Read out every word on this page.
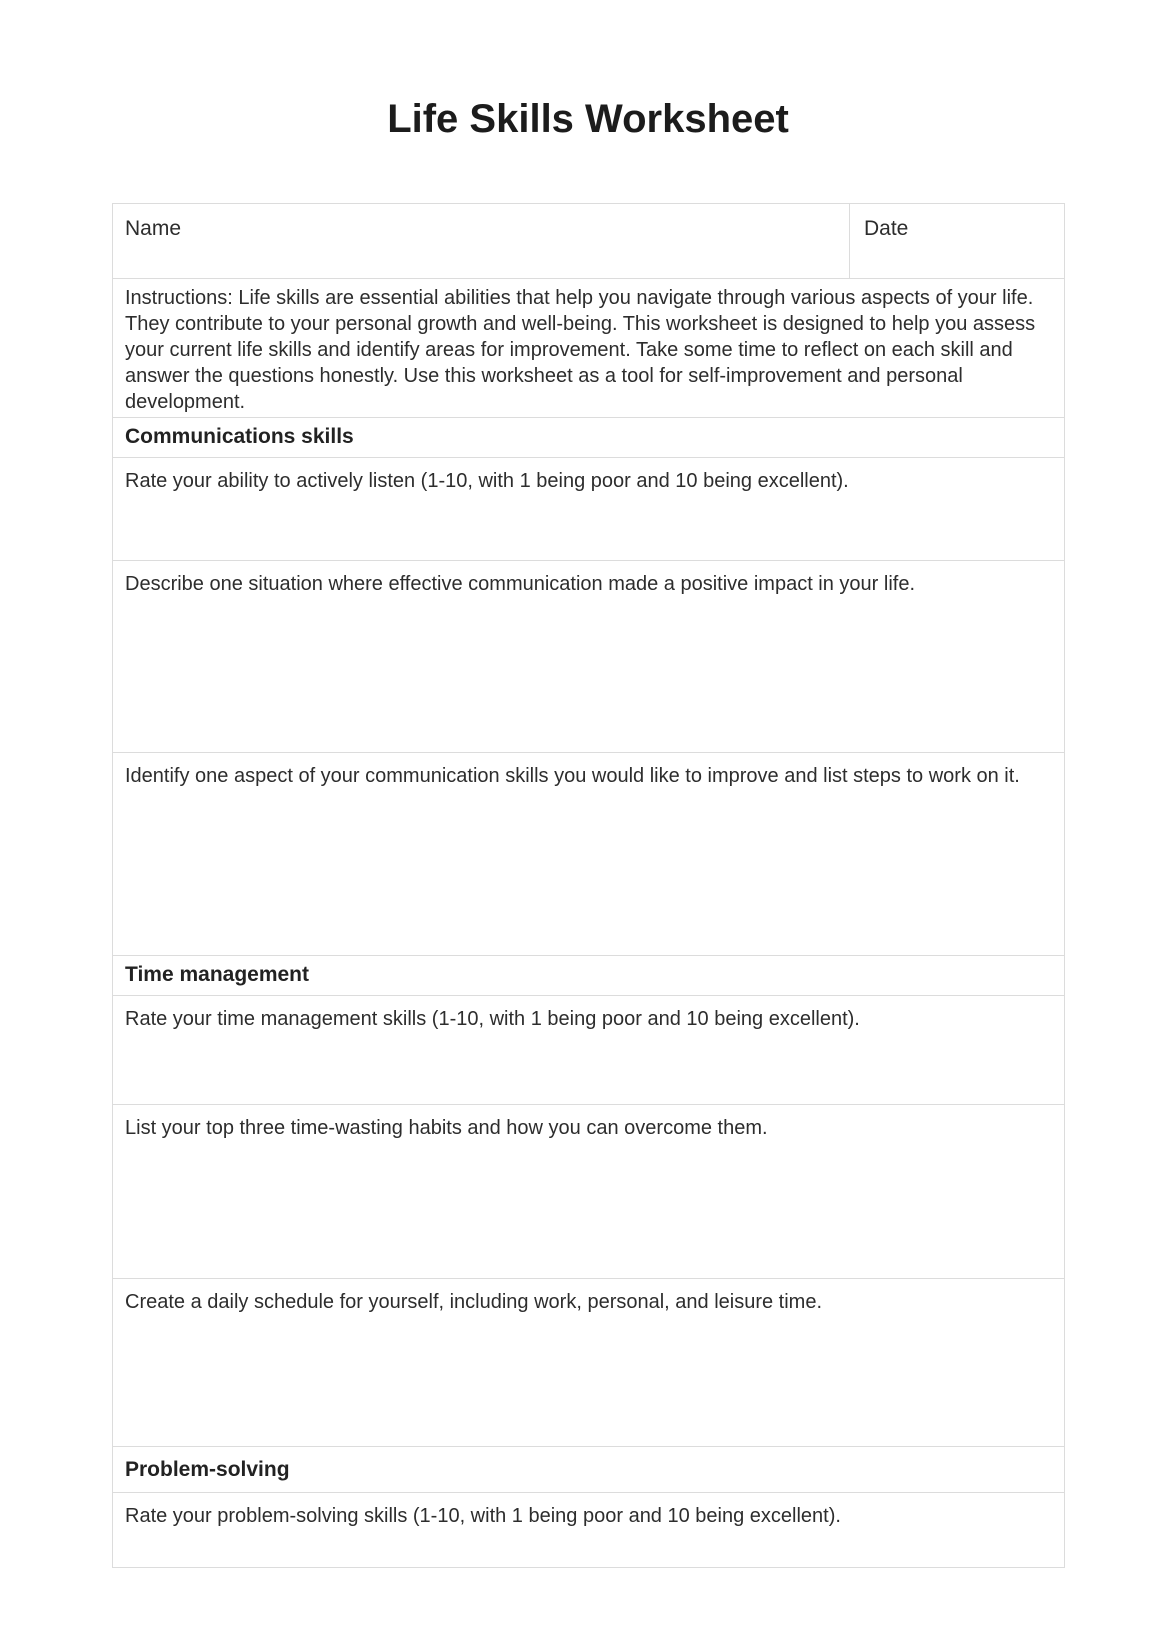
Life Skills Worksheet
Name	Date

Instructions: Life skills are essential abilities that help you navigate through various aspects of your life. They contribute to your personal growth and well-being. This worksheet is designed to help you assess your current life skills and identify areas for improvement. Take some time to reflect on each skill and answer the questions honestly. Use this worksheet as a tool for self-improvement and personal development.

Communications skills

Rate your ability to actively listen (1-10, with 1 being poor and 10 being excellent).

Describe one situation where effective communication made a positive impact in your life.

Identify one aspect of your communication skills you would like to improve and list steps to work on it.

Time management

Rate your time management skills (1-10, with 1 being poor and 10 being excellent).

List your top three time-wasting habits and how you can overcome them.

Create a daily schedule for yourself, including work, personal, and leisure time.

Problem-solving

Rate your problem-solving skills (1-10, with 1 being poor and 10 being excellent).
